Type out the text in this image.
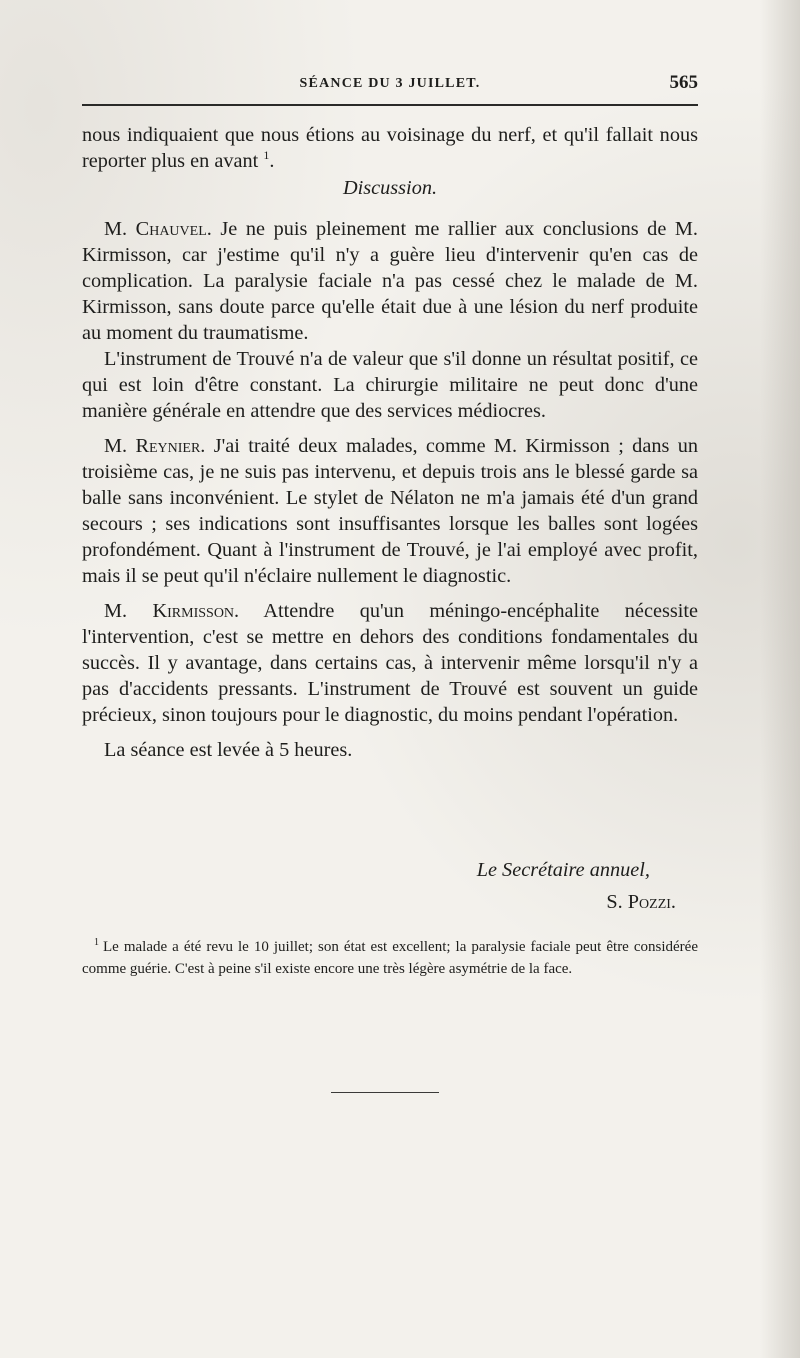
SÉANCE DU 3 JUILLET.	565

nous indiquaient que nous étions au voisinage du nerf, et qu'il fallait nous reporter plus en avant $^1$.

Discussion.

M. Chauvel. Je ne puis pleinement me rallier aux conclusions de M. Kirmisson, car j'estime qu'il n'y a guère lieu d'intervenir qu'en cas de complication. La paralysie faciale n'a pas cessé chez le malade de M. Kirmisson, sans doute parce qu'elle était due à une lésion du nerf produite au moment du traumatisme.

L'instrument de Trouvé n'a de valeur que s'il donne un résultat positif, ce qui est loin d'être constant. La chirurgie militaire ne peut donc d'une manière générale en attendre que des services médiocres.

M. Reynier. J'ai traité deux malades, comme M. Kirmisson ; dans un troisième cas, je ne suis pas intervenu, et depuis trois ans le blessé garde sa balle sans inconvénient. Le stylet de Nélaton ne m'a jamais été d'un grand secours ; ses indications sont insuffisantes lorsque les balles sont logées profondément. Quant à l'instrument de Trouvé, je l'ai employé avec profit, mais il se peut qu'il n'éclaire nullement le diagnostic.

M. Kirmisson. Attendre qu'un méningo-encéphalite nécessite l'intervention, c'est se mettre en dehors des conditions fondamentales du succès. Il y avantage, dans certains cas, à intervenir même lorsqu'il n'y a pas d'accidents pressants. L'instrument de Trouvé est souvent un guide précieux, sinon toujours pour le diagnostic, du moins pendant l'opération.

La séance est levée à 5 heures.

Le Secrétaire annuel,
S. Pozzi.
$^1$ Le malade a été revu le 10 juillet; son état est excellent; la paralysie faciale peut être considérée comme guérie. C'est à peine s'il existe encore une très légère asymétrie de la face.
